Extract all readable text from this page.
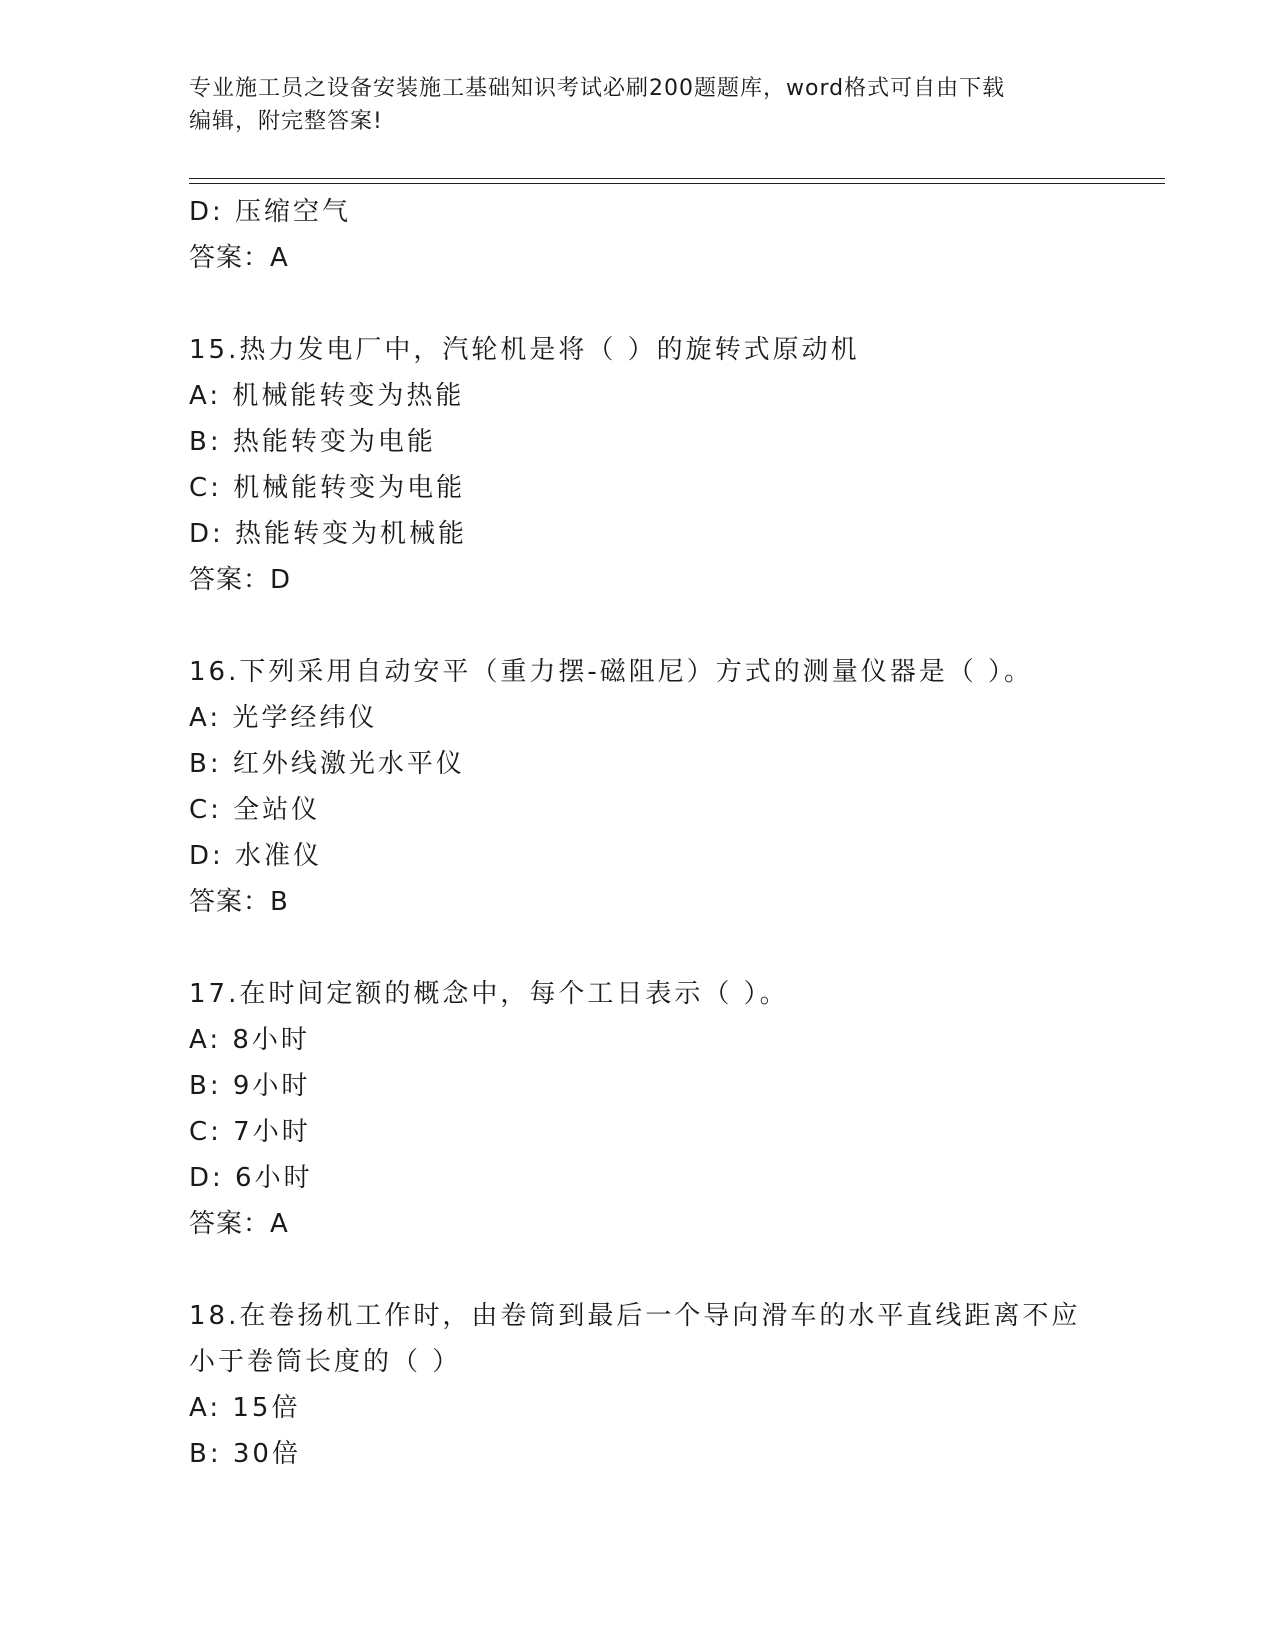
专业施工员之设备安装施工基础知识考试必刷200题题库，word格式可自由下载
编辑，附完整答案!
D: 压缩空气
答案：A
15.热力发电厂中，汽轮机是将（ ）的旋转式原动机
A: 机械能转变为热能
B: 热能转变为电能
C: 机械能转变为电能
D: 热能转变为机械能
答案：D
16.下列采用自动安平（重力摆-磁阻尼）方式的测量仪器是（ ）。
A: 光学经纬仪
B: 红外线激光水平仪
C: 全站仪
D: 水准仪
答案：B
17.在时间定额的概念中，每个工日表示（ ）。
A: 8小时
B: 9小时
C: 7小时
D: 6小时
答案：A
18.在卷扬机工作时，由卷筒到最后一个导向滑车的水平直线距离不应
小于卷筒长度的（ ）
A: 15倍
B: 30倍
